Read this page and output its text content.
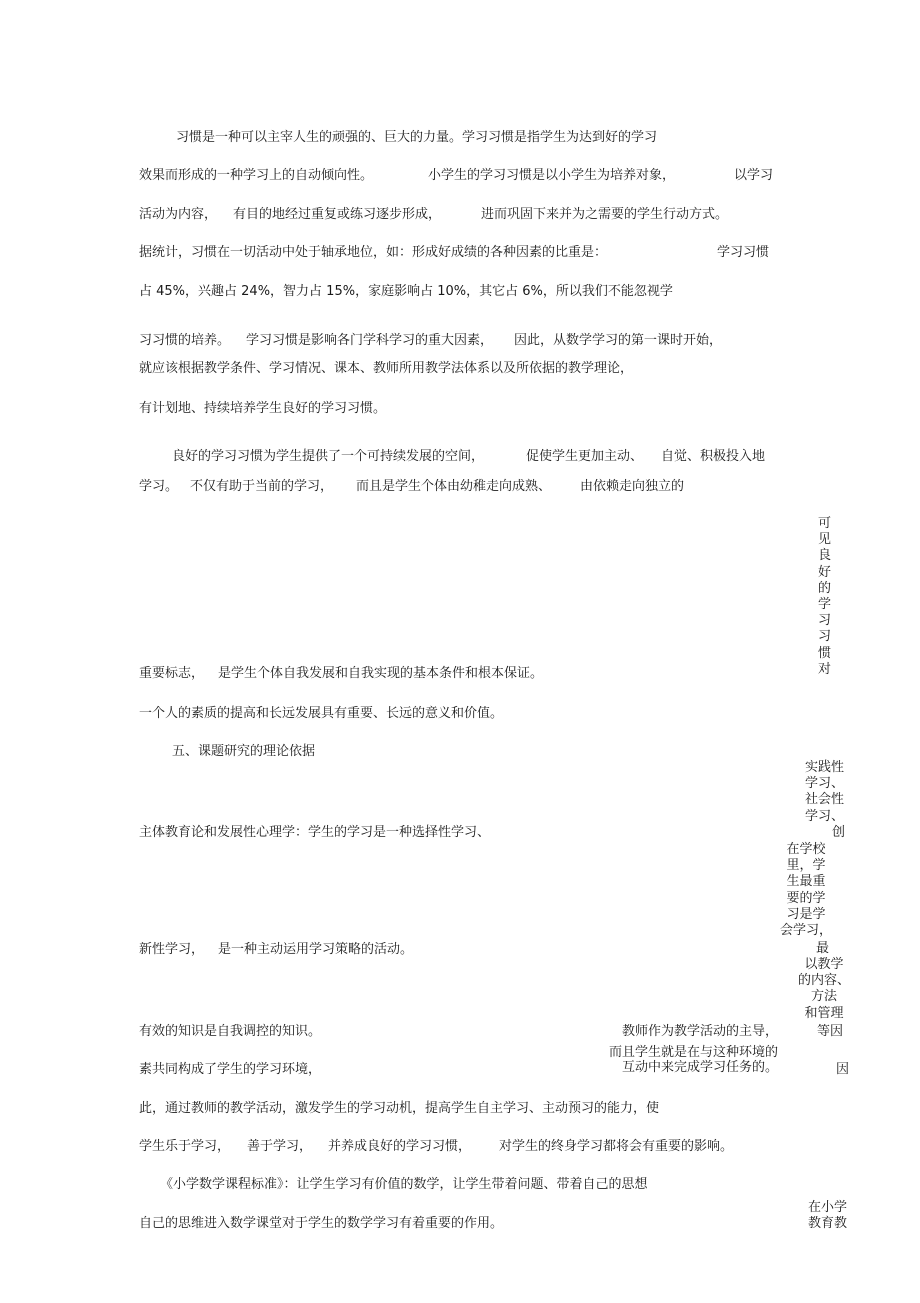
习惯是一种可以主宰人生的顽强的、巨大的力量。学习习惯是指学生为达到好的学习
效果而形成的一种学习上的自动倾向性。	小学生的学习习惯是以小学生为培养对象，	以学习
活动为内容， 有目的地经过重复或练习逐步形成，	进而巩固下来并为之需要的学生行动方式。
据统计，习惯在一切活动中处于轴承地位，如：形成好成绩的各种因素的比重是：	学习习惯
占 45%，兴趣占 24%，智力占 15%，家庭影响占 10%，其它占 6%，所以我们不能忽视学
习习惯的培养。 学习习惯是影响各门学科学习的重大因素， 因此，从数学学习的第一课时开始，
就应该根据教学条件、学习情况、课本、教师所用教学法体系以及所依据的教学理论，
有计划地、持续培养学生良好的学习习惯。
良好的学习习惯为学生提供了一个可持续发展的空间，	促使学生更加主动、 自觉、积极投入地
学习。 不仅有助于当前的学习， 而且是学生个体由幼稚走向成熟、 由依赖走向独立的
可
见
良
好
的
学
习
习
惯
对
重要标志， 是学生个体自我发展和自我实现的基本条件和根本保证。
一个人的素质的提高和长远发展具有重要、长远的意义和价值。
五、课题研究的理论依据
实践性
学习、
社会性
学习、
创
主体教育论和发展性心理学：学生的学习是一种选择性学习、
在学校
里，学
生最重
要的学
习是学
会学习，
最
新性学习， 是一种主动运用学习策略的活动。
以教学
的内容、
方法
和管理
有效的知识是自我调控的知识。	教师作为教学活动的主导，	等因
素共同构成了学生的学习环境，
而且学生就是在与这种环境的
互动中来完成学习任务的。	因
此，通过教师的教学活动，激发学生的学习动机，提高学生自主学习、主动预习的能力，使
学生乐于学习， 善于学习， 并养成良好的学习习惯， 对学生的终身学习都将会有重要的影响。
《小学数学课程标准》：让学生学习有价值的数学，让学生带着问题、带着自己的思想
在小学
教育教
自己的思维进入数学课堂对于学生的数学学习有着重要的作用。
